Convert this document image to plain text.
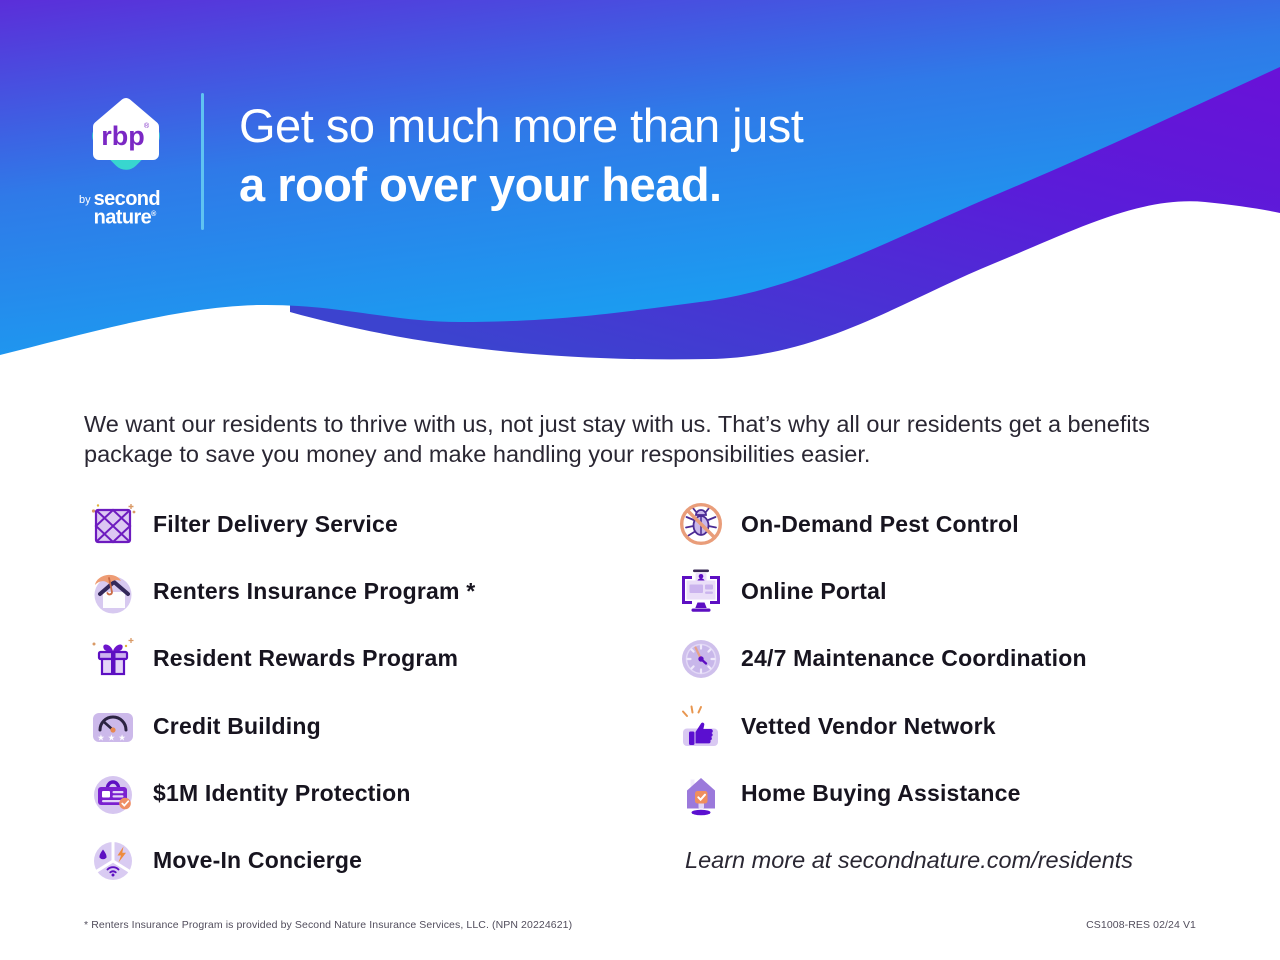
rbp ®
by second
nature®
Get so much more than just
a roof over your head.

We want our residents to thrive with us, not just stay with us. That’s why all our residents get a benefits package to save you money and make handling your responsibilities easier.

Filter Delivery Service
Renters Insurance Program *
Resident Rewards Program
★★★ Credit Building
$1M Identity Protection
Move-In Concierge
On-Demand Pest Control
Online Portal
24/7 Maintenance Coordination
Vetted Vendor Network
Home Buying Assistance
Learn more at secondnature.com/residents
* Renters Insurance Program is provided by Second Nature Insurance Services, LLC. (NPN 20224621)	CS1008-RES 02/24 V1
